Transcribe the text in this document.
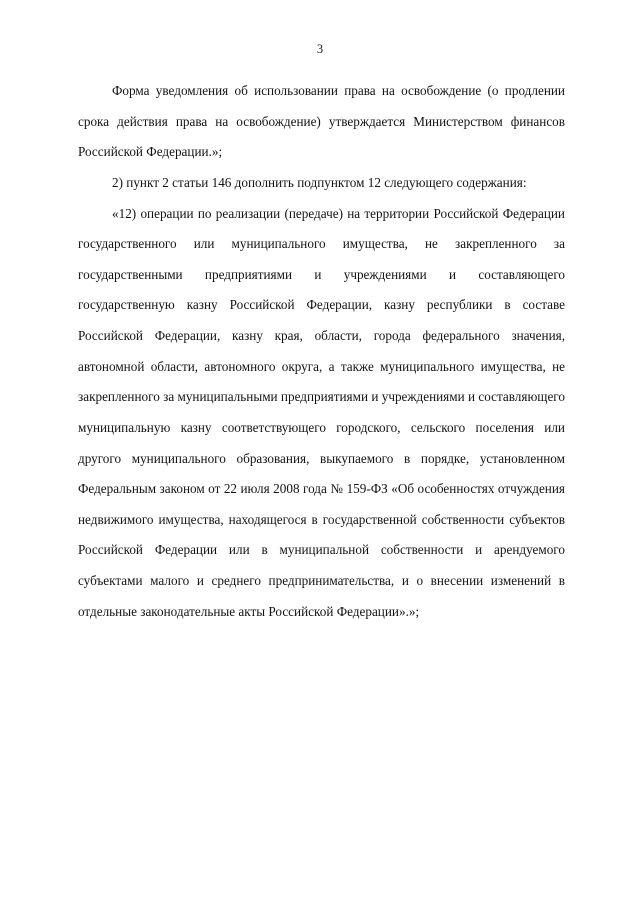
3

Форма уведомления об использовании права на освобождение (о продлении срока действия права на освобождение) утверждается Министерством финансов Российской Федерации.»;

2) пункт 2 статьи 146 дополнить подпунктом 12 следующего содержания:

«12) операции по реализации (передаче) на территории Российской Федерации государственного или муниципального имущества, не закрепленного за государственными предприятиями и учреждениями и составляющего государственную казну Российской Федерации, казну республики в составе Российской Федерации, казну края, области, города федерального значения, автономной области, автономного округа, а также муниципального имущества, не закрепленного за муниципальными предприятиями и учреждениями и составляющего муниципальную казну соответствующего городского, сельского поселения или другого муниципального образования, выкупаемого в порядке, установленном Федеральным законом от 22 июля 2008 года № 159-ФЗ «Об особенностях отчуждения недвижимого имущества, находящегося в государственной собственности субъектов Российской Федерации или в муниципальной собственности и арендуемого субъектами малого и среднего предпринимательства, и о внесении изменений в отдельные законодательные акты Российской Федерации».»;
